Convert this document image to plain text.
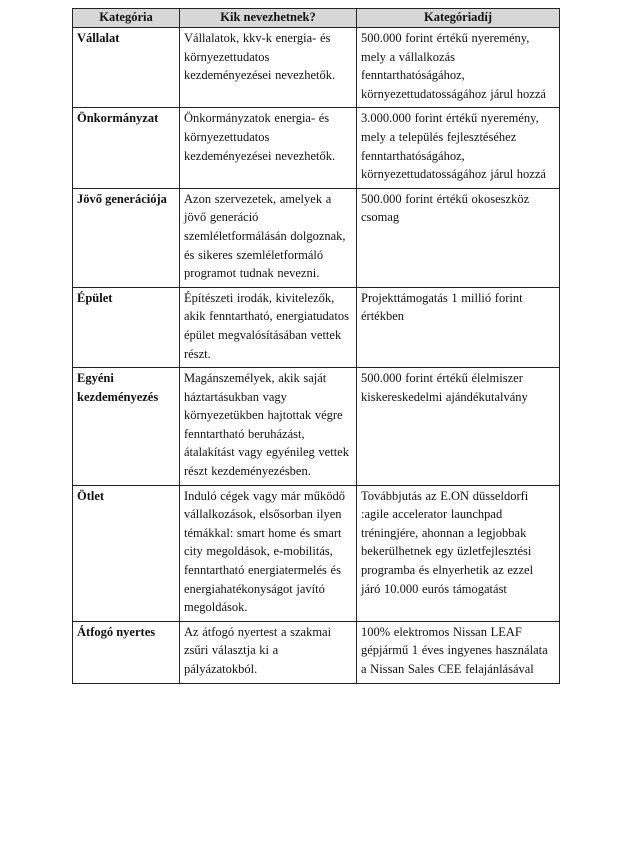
Kategória	Kik nevezhetnek?	Kategóriadíj
Vállalat	Vállalatok, kkv-k energia- és környezettudatos kezdeményezései nevezhetők.	500.000 forint értékű nyeremény, mely a vállalkozás fenntarthatóságához, környezettudatosságához járul hozzá
Önkormányzat	Önkormányzatok energia- és környezettudatos kezdeményezései nevezhetők.	3.000.000 forint értékű nyeremény, mely a település fejlesztéséhez fenntarthatóságához, környezettudatosságához járul hozzá
Jövő generációja	Azon szervezetek, amelyek a jövő generáció szemléletformálásán dolgoznak, és sikeres szemléletformáló programot tudnak nevezni.	500.000 forint értékű okoseszköz csomag
Épület	Építészeti irodák, kivitelezők, akik fenntartható, energiatudatos épület megvalósításában vettek részt.	Projekttámogatás 1 millió forint értékben
Egyéni kezdeményezés	Magánszemélyek, akik saját háztartásukban vagy környezetükben hajtottak végre fenntartható beruházást, átalakítást vagy egyénileg vettek részt kezdeményezésben.	500.000 forint értékű élelmiszer kiskereskedelmi ajándékutalvány
Ötlet	Induló cégek vagy már működő vállalkozások, elsősorban ilyen témákkal: smart home és smart city megoldások, e-mobilitás, fenntartható energiatermelés és energiahatékonyságot javító megoldások.	Továbbjutás az E.ON düsseldorfi :agile accelerator launchpad tréningjére, ahonnan a legjobbak bekerülhetnek egy üzletfejlesztési programba és elnyerhetik az ezzel járó 10.000 eurós támogatást
Átfogó nyertes	Az átfogó nyertest a szakmai zsűri választja ki a pályázatokból.	100% elektromos Nissan LEAF gépjármű 1 éves ingyenes használata a Nissan Sales CEE felajánlásával
